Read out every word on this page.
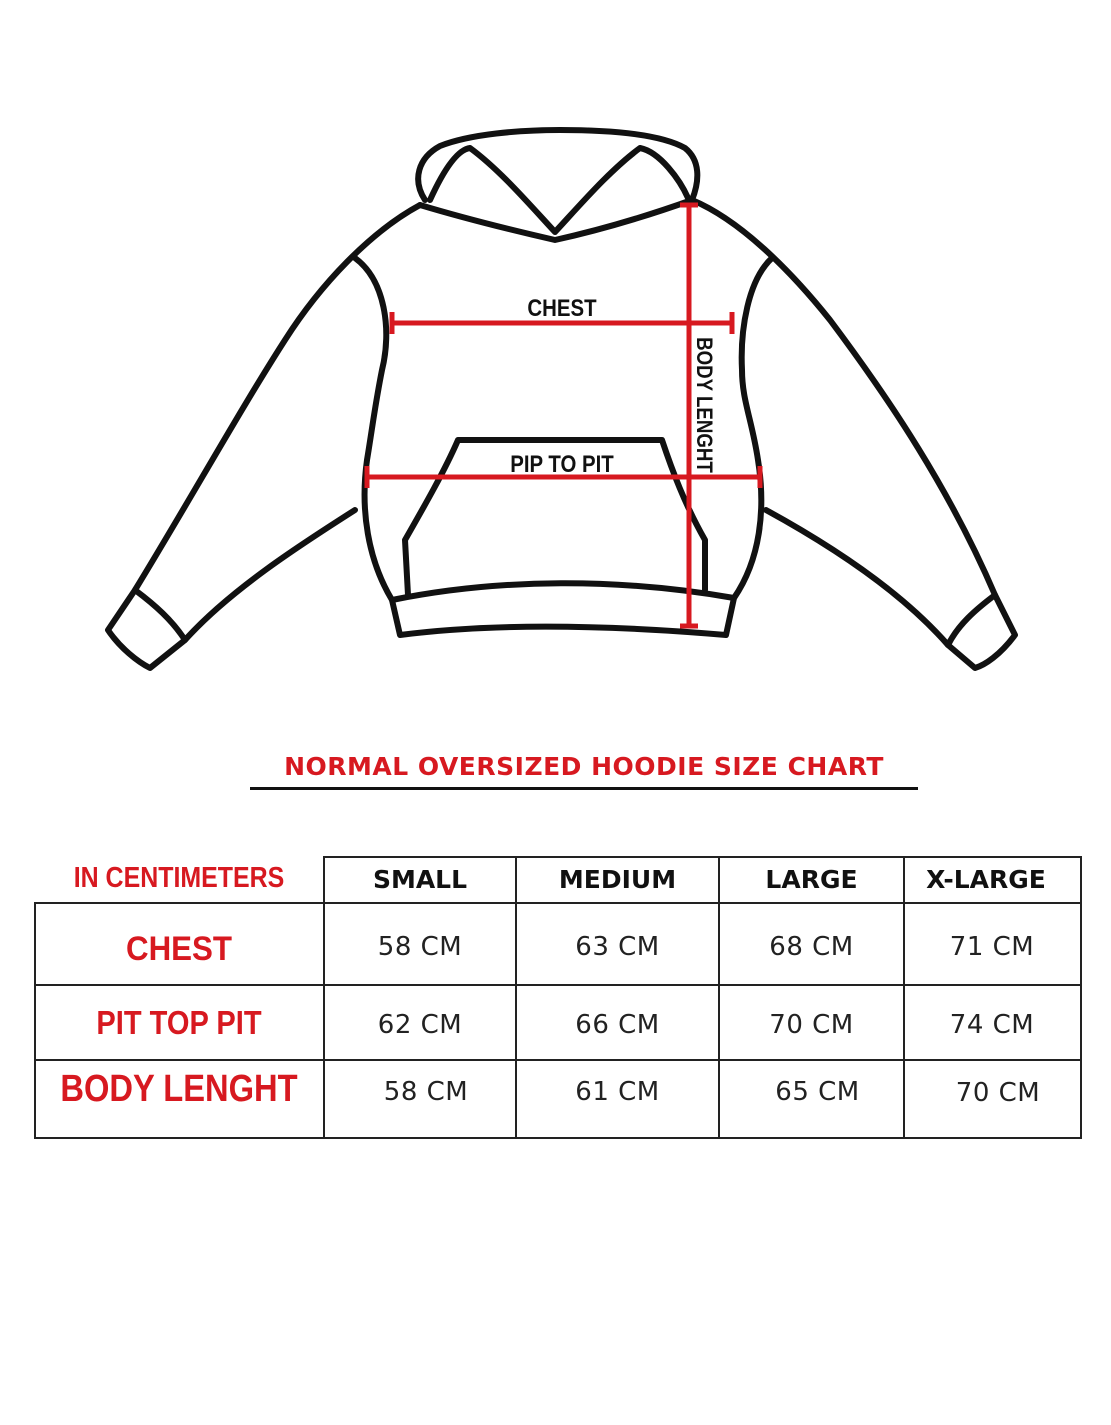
CHEST
PIP TO PIT	BODY LENGHT
NORMAL OVERSIZED HOODIE SIZE CHART
IN CENTIMETERS	SMALL	MEDIUM	LARGE	X-LARGE
CHEST	58 CM	63 CM	68 CM	71 CM
PIT TOP PIT	62 CM	66 CM	70 CM	74 CM
BODY LENGHT	58 CM	61 CM	65 CM	70 CM
